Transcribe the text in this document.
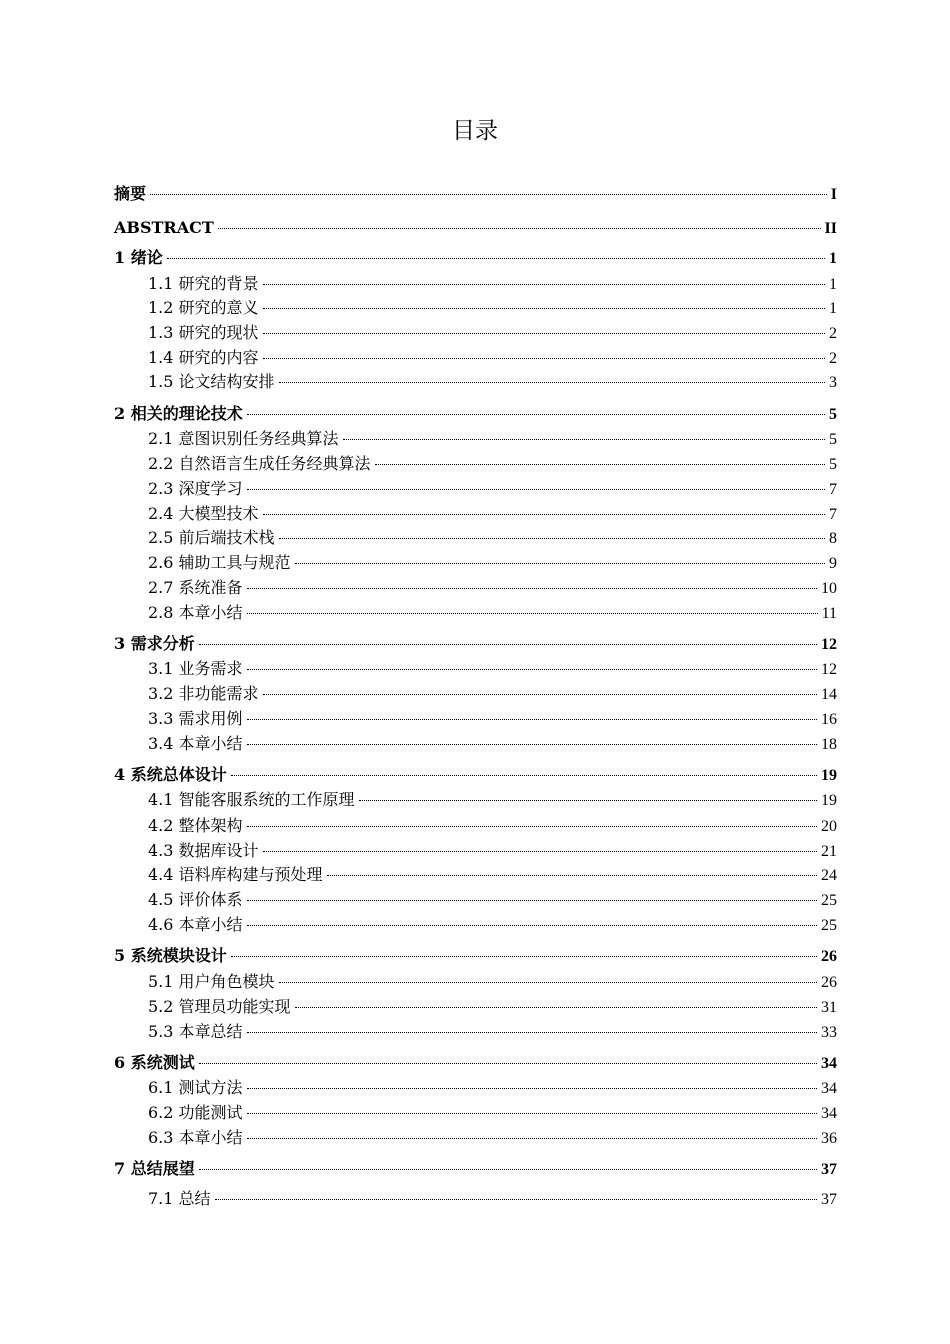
目录
摘要	I
ABSTRACT	II
1 绪论	1
1.1 研究的背景	1
1.2 研究的意义	1
1.3 研究的现状	2
1.4 研究的内容	2
1.5 论文结构安排	3
2 相关的理论技术	5
2.1 意图识别任务经典算法	5
2.2 自然语言生成任务经典算法	5
2.3 深度学习	7
2.4 大模型技术	7
2.5 前后端技术栈	8
2.6 辅助工具与规范	9
2.7 系统准备	10
2.8 本章小结	11
3 需求分析	12
3.1 业务需求	12
3.2 非功能需求	14
3.3 需求用例	16
3.4 本章小结	18
4 系统总体设计	19
4.1 智能客服系统的工作原理	19
4.2 整体架构	20
4.3 数据库设计	21
4.4 语料库构建与预处理	24
4.5 评价体系	25
4.6 本章小结	25
5 系统模块设计	26
5.1 用户角色模块	26
5.2 管理员功能实现	31
5.3 本章总结	33
6 系统测试	34
6.1 测试方法	34
6.2 功能测试	34
6.3 本章小结	36
7 总结展望	37
7.1 总结	37
